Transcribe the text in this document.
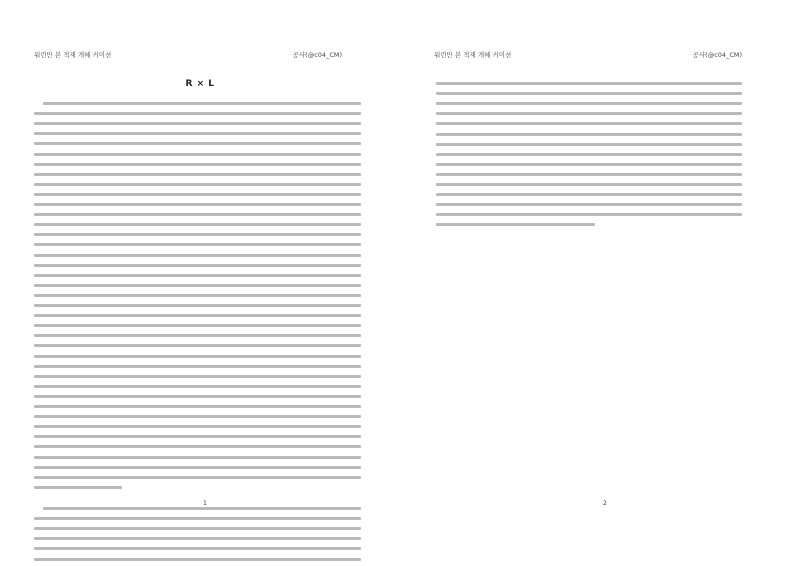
워런만 본 적재 개혜 커미션	공사(@c04_CM)
R × L
1
워런만 본 적재 개혜 커미션	공사(@c04_CM)
2
